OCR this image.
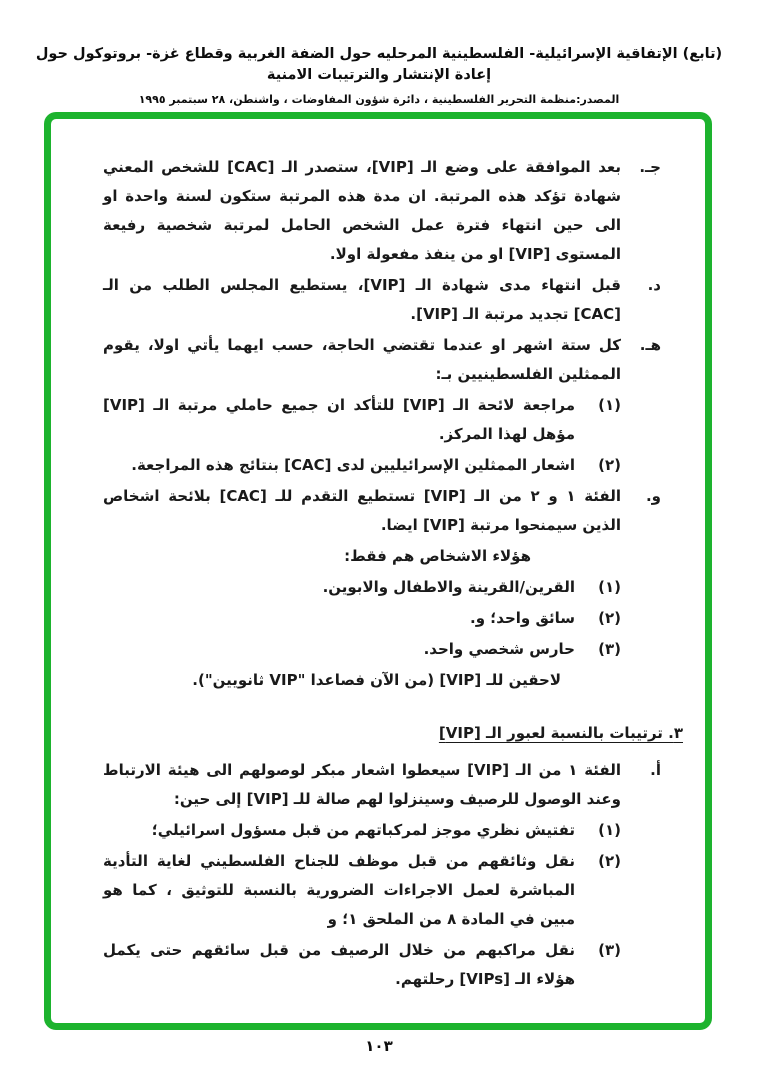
(تابع) الإتفاقية الإسرائيلية- الفلسطينية المرحليه حول الضفة الغربية وقطاع غزة- بروتوكول حول إعادة الإنتشار والترتيبات الامنية
المصدر:منظمة التحرير الفلسطينية ، دائرة شؤون المفاوضات ، واشنطن، ٢٨ سبتمبر ١٩٩٥
جـ.
بعد الموافقة على وضع الـ [VIP]، ستصدر الـ [CAC] للشخص المعني شهادة تؤكد هذه المرتبة. ان مدة هذه المرتبة ستكون لسنة واحدة او الى حين انتهاء فترة عمل الشخص الحامل لمرتبة شخصية رفيعة المستوى [VIP] او من ينفذ مفعولة اولا.
د.
قبل انتهاء مدى شهادة الـ [VIP]، يستطيع المجلس الطلب من الـ [CAC] تجديد مرتبة الـ [VIP].
هـ.
كل ستة اشهر او عندما تقتضي الحاجة، حسب ايهما يأتي اولا، يقوم الممثلين الفلسطينيين بـ:
(١)
مراجعة لائحة الـ [VIP] للتأكد ان جميع حاملي مرتبة الـ [VIP] مؤهل لهذا المركز.
(٢)
اشعار الممثلين الإسرائيليين لدى [CAC] بنتائج هذه المراجعة.
و.
الفئة ١ و ٢ من الـ [VIP] تستطيع التقدم للـ [CAC] بلائحة اشخاص الذين سيمنحوا مرتبة [VIP] ايضا.
هؤلاء الاشخاص هم فقط:
(١)
القرين/القرينة والاطفال والابوين.
(٢)
سائق واحد؛ و.
(٣)
حارس شخصي واحد.
لاحقين للـ [VIP] (من الآن فصاعدا "VIP ثانويين").
٣. ترتيبات بالنسبة لعبور الـ [VIP]
أ.
الفئة ١ من الـ [VIP] سيعطوا اشعار مبكر لوصولهم الى هيئة الارتباط وعند الوصول للرصيف وسينزلوا لهم صالة للـ [VIP] إلى حين:
(١)
تفتيش نظري موجز لمركباتهم من قبل مسؤول اسرائيلي؛
(٢)
نقل وثائقهم من قبل موظف للجناح الفلسطيني لغاية التأدية المباشرة لعمل الاجراءات الضرورية بالنسبة للتوثيق ، كما هو مبين في المادة ٨ من الملحق ١؛ و
(٣)
نقل مراكبهم من خلال الرصيف من قبل سائقهم حتى يكمل هؤلاء الـ [VIPs] رحلتهم.
١٠٣
